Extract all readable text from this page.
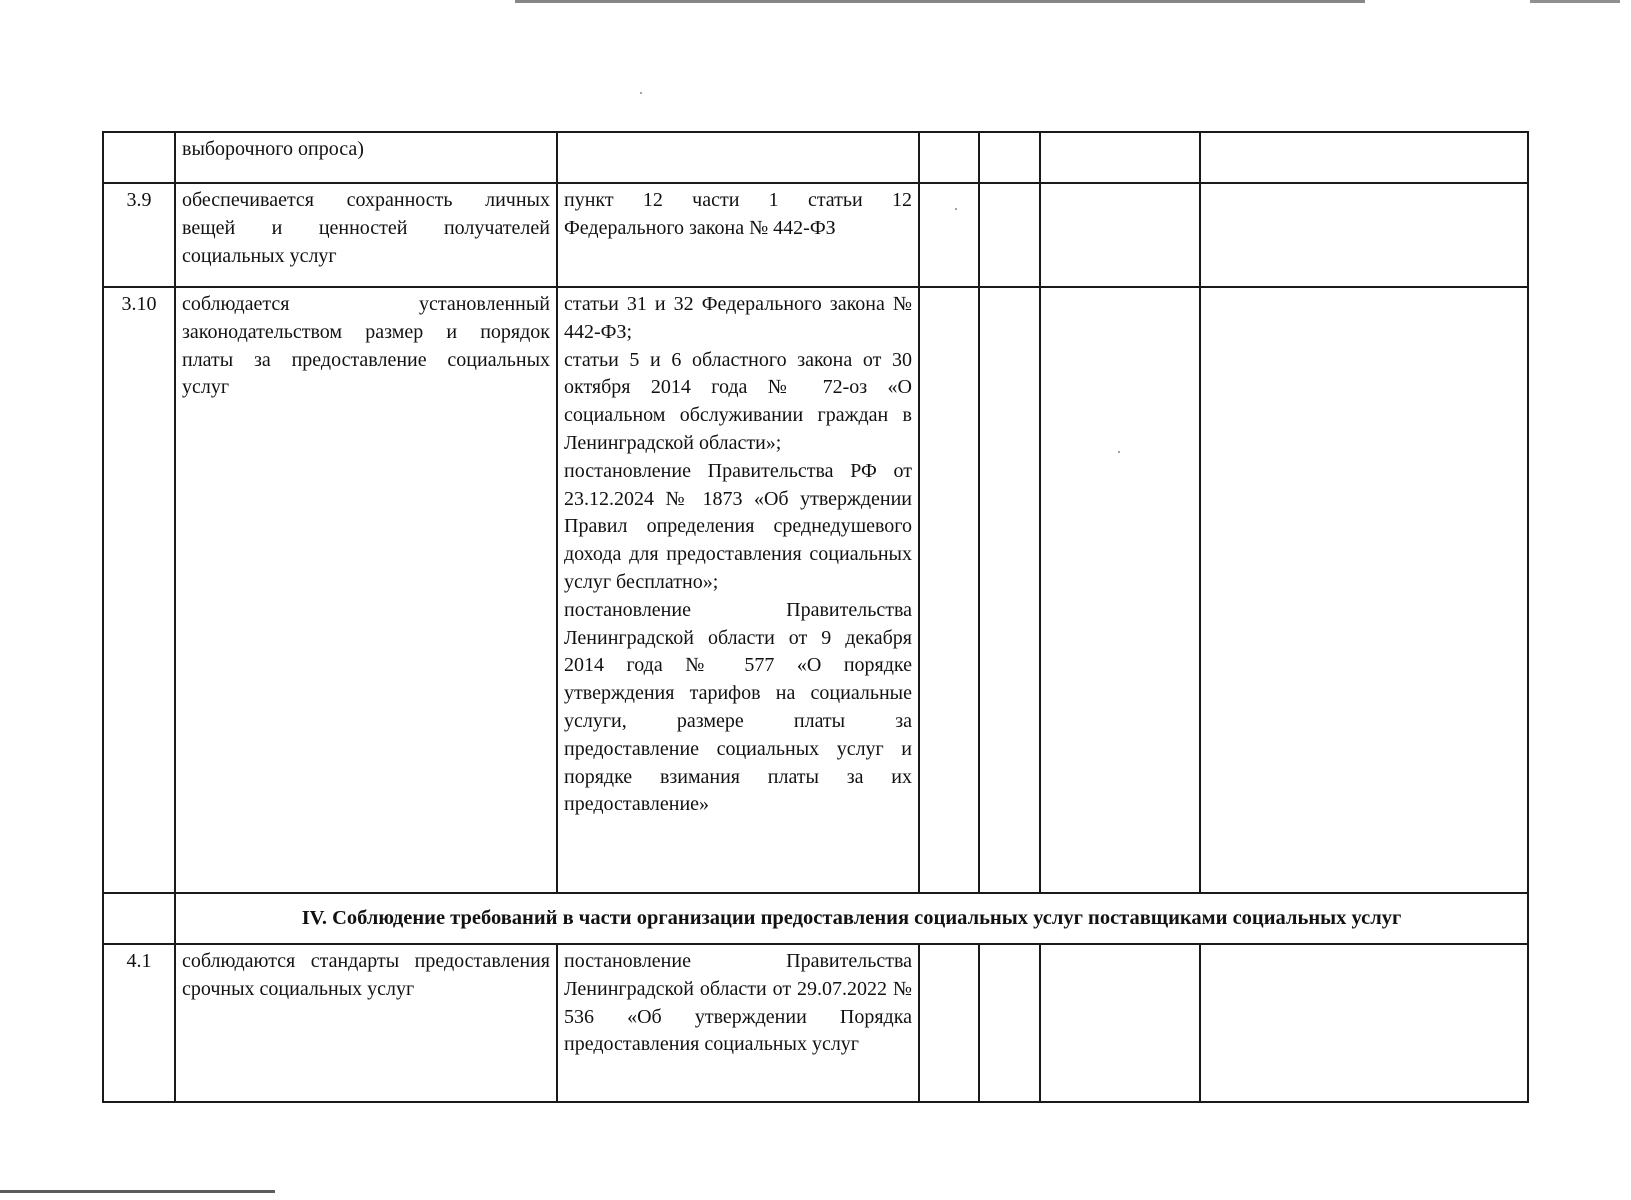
	выборочного опроса)					
3.9	обеспечивается сохранность личных вещей и ценностей получателей социальных услуг	пункт 12 части 1 статьи 12 Федерального закона № 442-ФЗ				

3.10	соблюдается установленный законодательством размер и порядок платы за предоставление социальных услуг	статьи 31 и 32 Федерального закона № 442-ФЗ;
статьи 5 и 6 областного закона от 30 октября 2014 года № 72-оз «О социальном обслуживании граждан в Ленинградской области»;
постановление Правительства РФ от 23.12.2024 № 1873 «Об утверждении Правил определения среднедушевого дохода для предоставления социальных услуг бесплатно»;
постановление Правительства Ленинградской области от 9 декабря 2014 года № 577 «О порядке утверждения тарифов на социальные услуги, размере платы за предоставление социальных услуг и порядке взимания платы за их предоставление»				

	IV. Соблюдение требований в части организации предоставления социальных услуг поставщиками социальных услуг					
4.1	соблюдаются стандарты предоставления срочных социальных услуг	постановление Правительства Ленинградской области от 29.07.2022 № 536 «Об утверждении Порядка предоставления социальных услуг				
